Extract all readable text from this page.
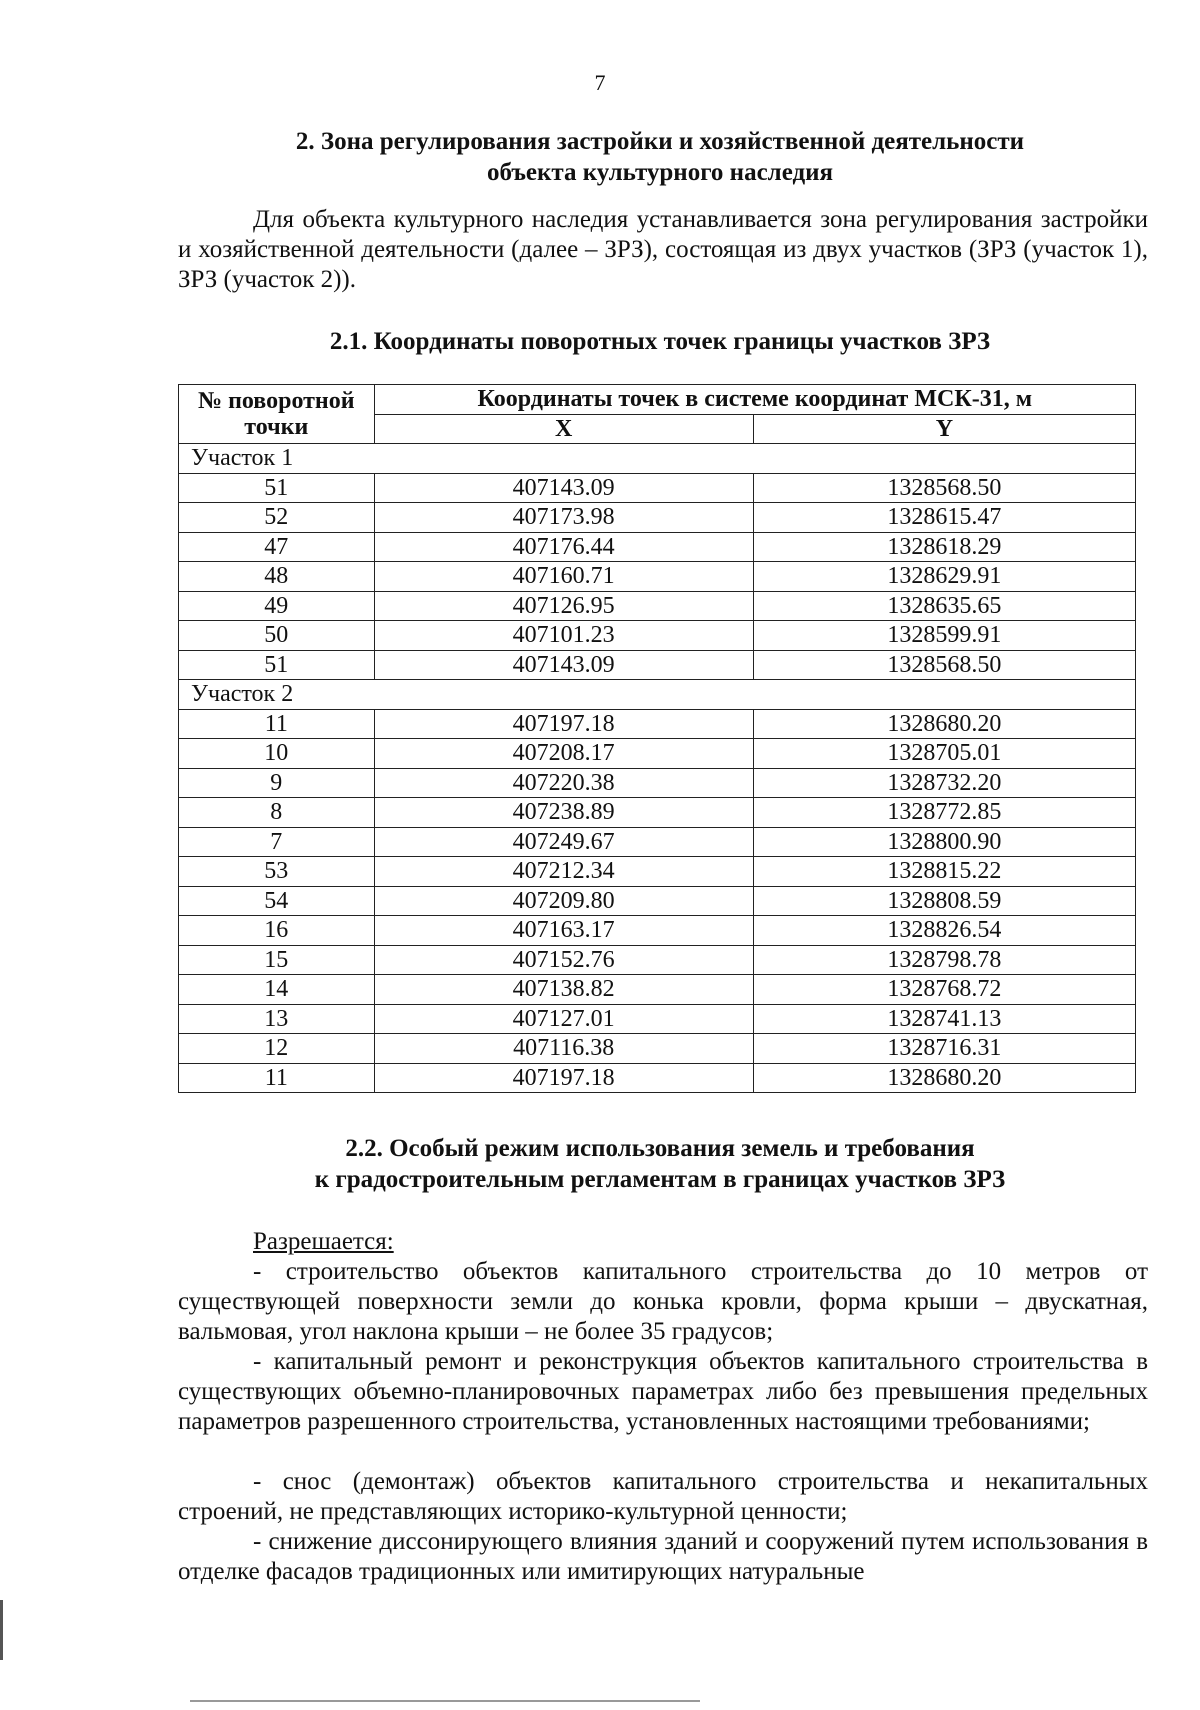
7
2. Зона регулирования застройки и хозяйственной деятельности
объекта культурного наследия
Для объекта культурного наследия устанавливается зона регулирования застройки и хозяйственной деятельности (далее – ЗРЗ), состоящая из двух участков (ЗРЗ (участок 1), ЗРЗ (участок 2)).
2.1. Координаты поворотных точек границы участков ЗРЗ
№ поворотной точки	Координаты точек в системе координат МСК-31, м	
	X	Y
Участок 1		
51	407143.09	1328568.50
52	407173.98	1328615.47
47	407176.44	1328618.29
48	407160.71	1328629.91
49	407126.95	1328635.65
50	407101.23	1328599.91
51	407143.09	1328568.50
Участок 2		
11	407197.18	1328680.20
10	407208.17	1328705.01
9	407220.38	1328732.20
8	407238.89	1328772.85
7	407249.67	1328800.90
53	407212.34	1328815.22
54	407209.80	1328808.59
16	407163.17	1328826.54
15	407152.76	1328798.78
14	407138.82	1328768.72
13	407127.01	1328741.13
12	407116.38	1328716.31
11	407197.18	1328680.20
2.2. Особый режим использования земель и требования
к градостроительным регламентам в границах участков ЗРЗ
Разрешается:
- строительство объектов капитального строительства до 10 метров от существующей поверхности земли до конька кровли, форма крыши – двускатная, вальмовая, угол наклона крыши – не более 35 градусов;
- капитальный ремонт и реконструкция объектов капитального строительства в существующих объемно-планировочных параметрах либо без превышения предельных параметров разрешенного строительства, установленных настоящими требованиями;
- снос (демонтаж) объектов капитального строительства и некапитальных строений, не представляющих историко-культурной ценности;
- снижение диссонирующего влияния зданий и сооружений путем использования в отделке фасадов традиционных или имитирующих натуральные
